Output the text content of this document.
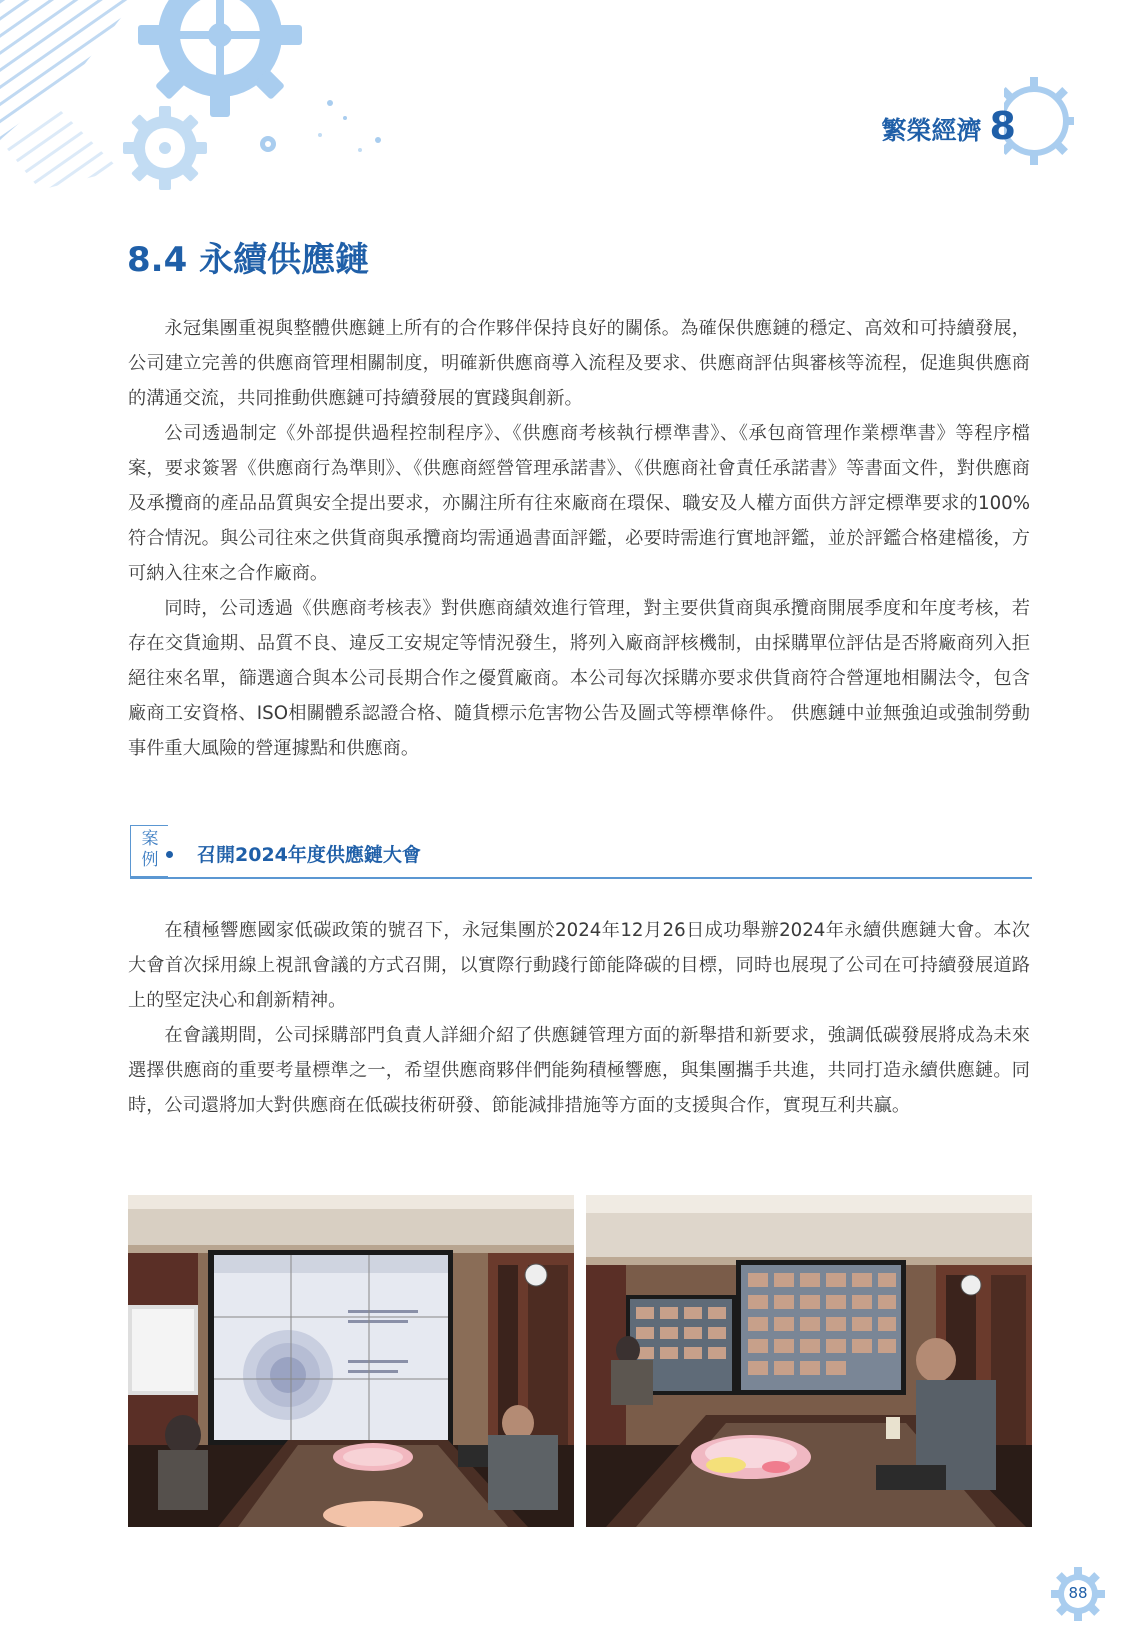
繁榮經濟 8
8.4 永續供應鏈

永冠集團重視與整體供應鏈上所有的合作夥伴保持良好的關係。為確保供應鏈的穩定、高效和可持續發展，公司建立完善的供應商管理相關制度，明確新供應商導入流程及要求、供應商評估與審核等流程，促進與供應商的溝通交流，共同推動供應鏈可持續發展的實踐與創新。

公司透過制定《外部提供過程控制程序》、《供應商考核執行標準書》、《承包商管理作業標準書》等程序檔案，要求簽署《供應商行為準則》、《供應商經營管理承諾書》、《供應商社會責任承諾書》等書面文件，對供應商及承攬商的產品品質與安全提出要求，亦關注所有往來廠商在環保、職安及人權方面供方評定標準要求的100%符合情況。與公司往來之供貨商與承攬商均需通過書面評鑑，必要時需進行實地評鑑，並於評鑑合格建檔後，方可納入往來之合作廠商。

同時，公司透過《供應商考核表》對供應商績效進行管理，對主要供貨商與承攬商開展季度和年度考核，若存在交貨逾期、品質不良、違反工安規定等情況發生，將列入廠商評核機制，由採購單位評估是否將廠商列入拒絕往來名單，篩選適合與本公司長期合作之優質廠商。本公司每次採購亦要求供貨商符合營運地相關法令，包含廠商工安資格、ISO相關體系認證合格、隨貨標示危害物公告及圖式等標準條件。 供應鏈中並無強迫或強制勞動事件重大風險的營運據點和供應商。

案例 召開2024年度供應鏈大會

在積極響應國家低碳政策的號召下，永冠集團於2024年12月26日成功舉辦2024年永續供應鏈大會。本次大會首次採用線上視訊會議的方式召開，以實際行動踐行節能降碳的目標，同時也展現了公司在可持續發展道路上的堅定決心和創新精神。

在會議期間，公司採購部門負責人詳細介紹了供應鏈管理方面的新舉措和新要求，強調低碳發展將成為未來選擇供應商的重要考量標準之一，希望供應商夥伴們能夠積極響應，與集團攜手共進，共同打造永續供應鏈。同時，公司還將加大對供應商在低碳技術研發、節能減排措施等方面的支援與合作，實現互利共贏。

88
